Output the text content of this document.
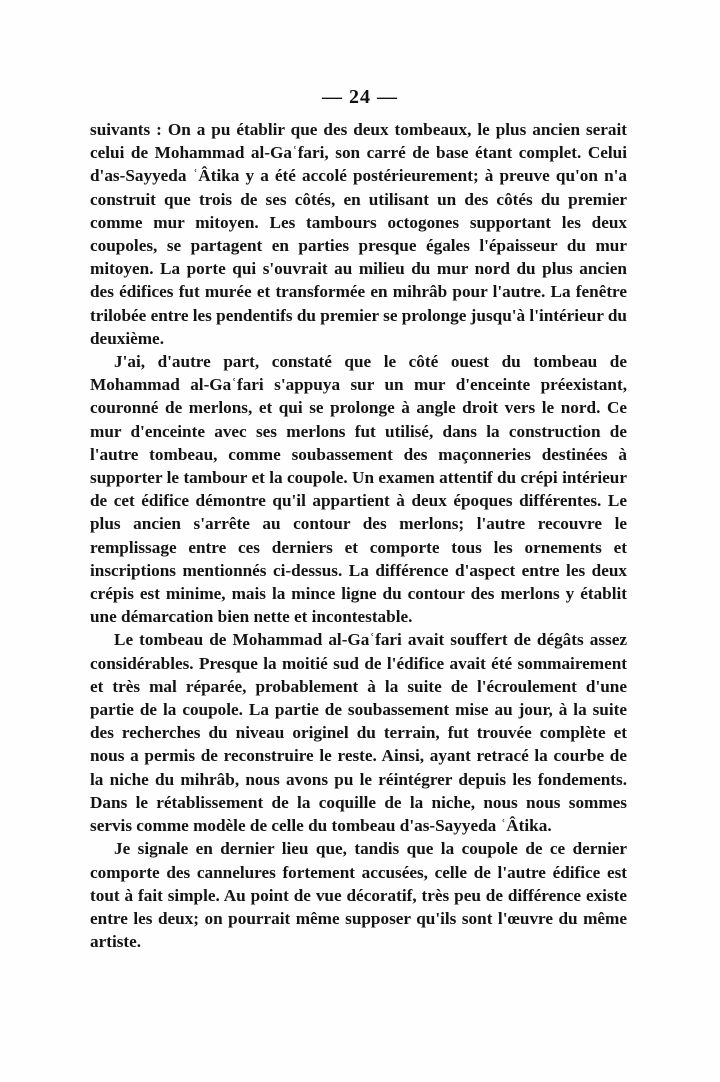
— 24 —

suivants : On a pu établir que des deux tombeaux, le plus ancien serait celui de Mohammad al-Gaʿfari, son carré de base étant complet. Celui d'as-Sayyeda ʿÂtika y a été accolé postérieurement; à preuve qu'on n'a construit que trois de ses côtés, en utilisant un des côtés du premier comme mur mitoyen. Les tambours octogones supportant les deux coupoles, se partagent en parties presque égales l'épaisseur du mur mitoyen. La porte qui s'ouvrait au milieu du mur nord du plus ancien des édifices fut murée et transformée en mihrâb pour l'autre. La fenêtre trilobée entre les pendentifs du premier se prolonge jusqu'à l'intérieur du deuxième.

J'ai, d'autre part, constaté que le côté ouest du tombeau de Mohammad al-Gaʿfari s'appuya sur un mur d'enceinte préexistant, couronné de merlons, et qui se prolonge à angle droit vers le nord. Ce mur d'enceinte avec ses merlons fut utilisé, dans la construction de l'autre tombeau, comme soubassement des maçonneries destinées à supporter le tambour et la coupole. Un examen attentif du crépi intérieur de cet édifice démontre qu'il appartient à deux époques différentes. Le plus ancien s'arrête au contour des merlons; l'autre recouvre le remplissage entre ces derniers et comporte tous les ornements et inscriptions mentionnés ci-dessus. La différence d'aspect entre les deux crépis est minime, mais la mince ligne du contour des merlons y établit une démarcation bien nette et incontestable.

Le tombeau de Mohammad al-Gaʿfari avait souffert de dégâts assez considérables. Presque la moitié sud de l'édifice avait été sommairement et très mal réparée, probablement à la suite de l'écroulement d'une partie de la coupole. La partie de soubassement mise au jour, à la suite des recherches du niveau originel du terrain, fut trouvée complète et nous a permis de reconstruire le reste. Ainsi, ayant retracé la courbe de la niche du mihrâb, nous avons pu le réintégrer depuis les fondements. Dans le rétablissement de la coquille de la niche, nous nous sommes servis comme modèle de celle du tombeau d'as-Sayyeda ʿÂtika.

Je signale en dernier lieu que, tandis que la coupole de ce dernier comporte des cannelures fortement accusées, celle de l'autre édifice est tout à fait simple. Au point de vue décoratif, très peu de différence existe entre les deux; on pourrait même supposer qu'ils sont l'œuvre du même artiste.
